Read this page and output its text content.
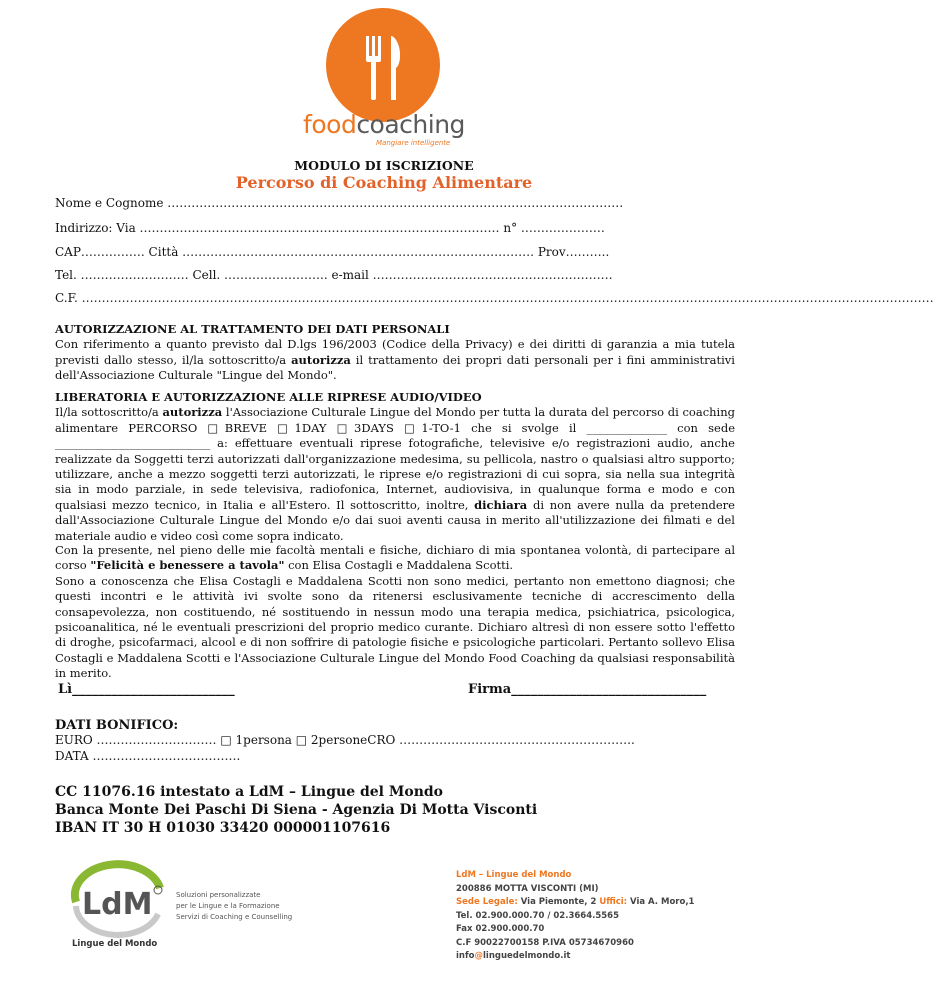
foodcoaching
Mangiare intelligente
MODULO DI ISCRIZIONE
Percorso di Coaching Alimentare
Nome e Cognome ……………………………………………………………………………………………………
Indirizzo: Via ……………………………………………………………………………… n° …………………
CAP……………. Città ……………………………………………………………………………. Prov………..
Tel. ……………………… Cell. …………………….. e-mail ……………………………………………………
C.F. ……………………………………………………………………………………………………………………………………………………………………………………………
AUTORIZZAZIONE AL TRATTAMENTO DEI DATI PERSONALI
Con riferimento a quanto previsto dal D.lgs 196/2003 (Codice della Privacy) e dei diritti di garanzia a mia tutela previsti dallo stesso, il/la sottoscritto/a autorizza il trattamento dei propri dati personali per i fini amministrativi dell'Associazione Culturale "Lingue del Mondo".
LIBERATORIA E AUTORIZZAZIONE ALLE RIPRESE AUDIO/VIDEO
Il/la sottoscritto/a autorizza l'Associazione Culturale Lingue del Mondo per tutta la durata del percorso di coaching alimentare PERCORSO □BREVE □1DAY □3DAYS □1-TO-1 che si svolge il ______________ con sede ___________________________ a: effettuare eventuali riprese fotografiche, televisive e/o registrazioni audio, anche realizzate da Soggetti terzi autorizzati dall'organizzazione medesima, su pellicola, nastro o qualsiasi altro supporto; utilizzare, anche a mezzo soggetti terzi autorizzati, le riprese e/o registrazioni di cui sopra, sia nella sua integrità sia in modo parziale, in sede televisiva, radiofonica, Internet, audiovisiva, in qualunque forma e modo e con qualsiasi mezzo tecnico, in Italia e all'Estero. Il sottoscritto, inoltre, dichiara di non avere nulla da pretendere dall'Associazione Culturale Lingue del Mondo e/o dai suoi aventi causa in merito all'utilizzazione dei filmati e del materiale audio e video così come sopra indicato.
Con la presente, nel pieno delle mie facoltà mentali e fisiche, dichiaro di mia spontanea volontà, di partecipare al corso "Felicità e benessere a tavola" con Elisa Costagli e Maddalena Scotti.
Sono a conoscenza che Elisa Costagli e Maddalena Scotti non sono medici, pertanto non emettono diagnosi; che questi incontri e le attività ivi svolte sono da ritenersi esclusivamente tecniche di accrescimento della consapevolezza, non costituendo, né sostituendo in nessun modo una terapia medica, psichiatrica, psicologica, psicoanalitica, né le eventuali prescrizioni del proprio medico curante. Dichiaro altresì di non essere sotto l'effetto di droghe, psicofarmaci, alcool e di non soffrire di patologie fisiche e psicologiche particolari. Pertanto sollevo Elisa Costagli e Maddalena Scotti e l'Associazione Culturale Lingue del Mondo Food Coaching da qualsiasi responsabilità in merito.
Lì_________________________	Firma______________________________
DATI BONIFICO:
EURO ………………………… □ 1persona □ 2personeCRO …………………………………………………..
DATA ……………………………….
CC 11076.16 intestato a LdM – Lingue del Mondo
Banca Monte Dei Paschi Di Siena - Agenzia Di Motta Visconti
IBAN IT 30 H 01030 33420 000001107616
LdM
Lingue del Mondo
Soluzioni personalizzate
per le Lingue e la Formazione
Servizi di Coaching e Counselling
LdM – Lingue del Mondo
200886 MOTTA VISCONTI (MI)
Sede Legale: Via Piemonte, 2 Uffici: Via A. Moro,1
Tel. 02.900.000.70 / 02.3664.5565
Fax 02.900.000.70
C.F 90022700158 P.IVA 05734670960
info@linguedelmondo.it
